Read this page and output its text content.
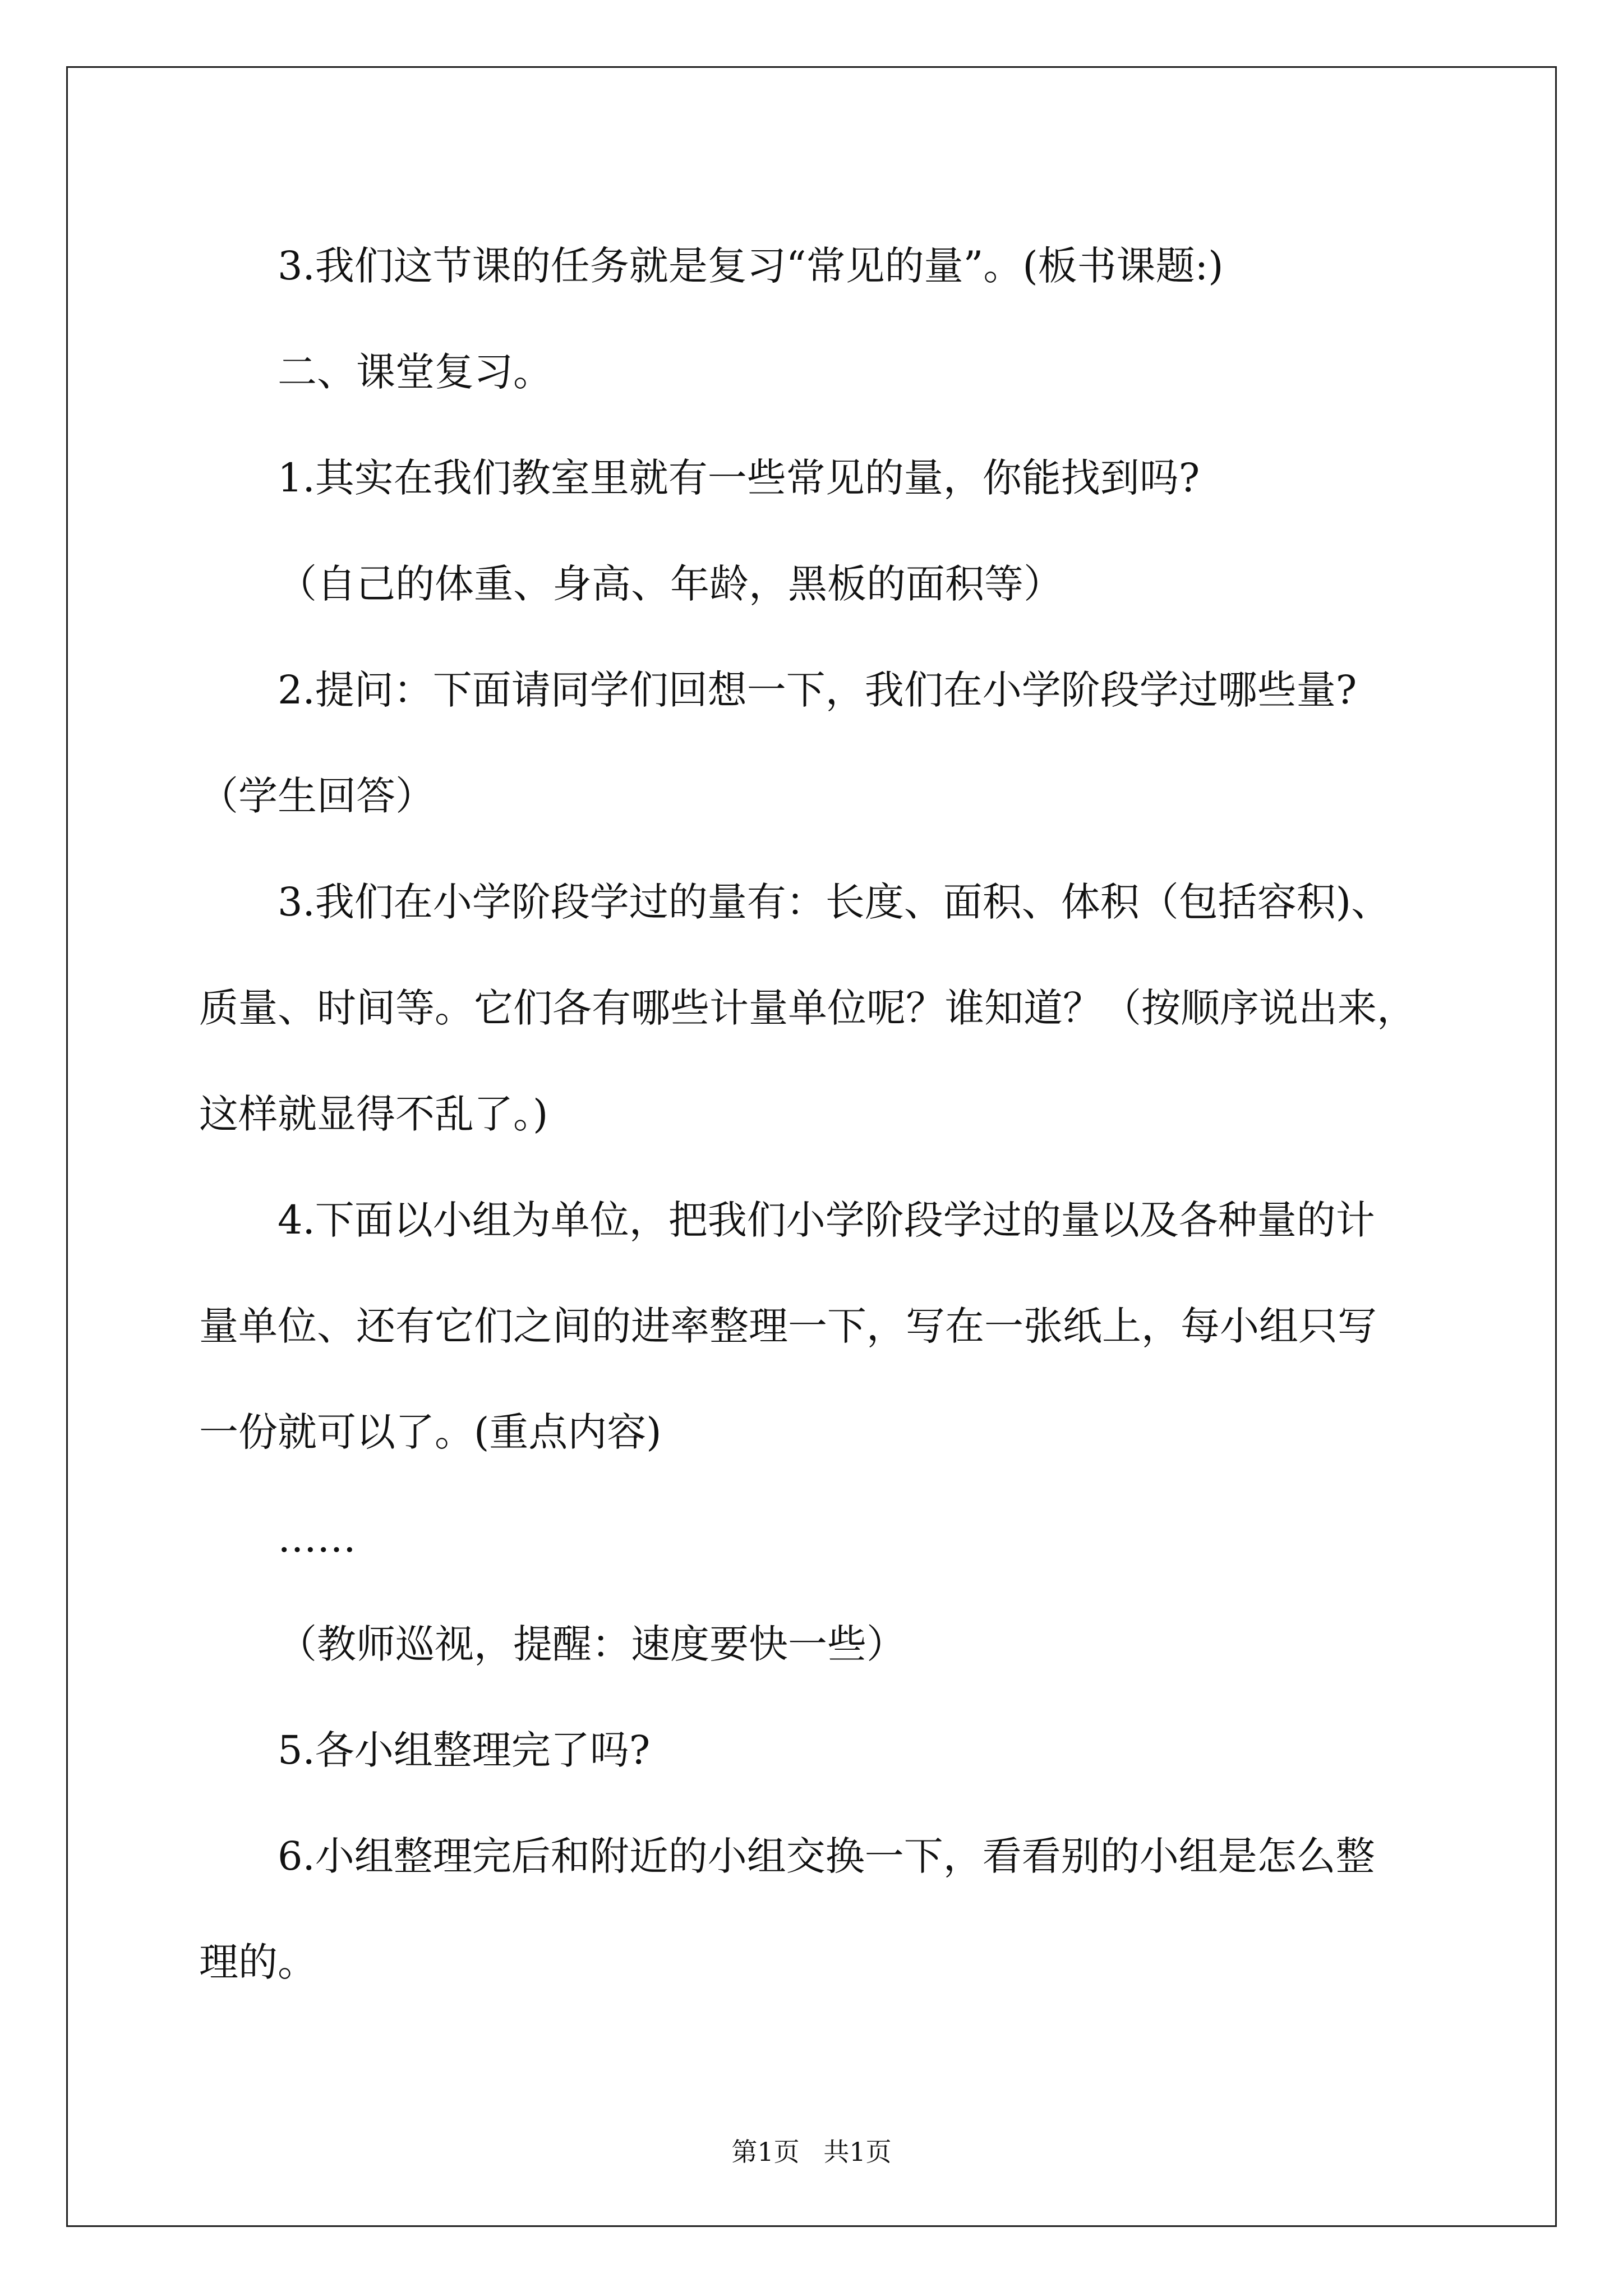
3.我们这节课的任务就是复习“常见的量”。(板书课题:)

二、课堂复习。

1.其实在我们教室里就有一些常见的量，你能找到吗?

（自己的体重、身高、年龄，黑板的面积等）

2.提问：下面请同学们回想一下，我们在小学阶段学过哪些量?
（学生回答）

3.我们在小学阶段学过的量有：长度、面积、体积（包括容积)、
质量、时间等。它们各有哪些计量单位呢？谁知道？（按顺序说出来，
这样就显得不乱了。)

4.下面以小组为单位，把我们小学阶段学过的量以及各种量的计
量单位、还有它们之间的进率整理一下，写在一张纸上，每小组只写
一份就可以了。(重点内容)

……

（教师巡视，提醒：速度要快一些）

5.各小组整理完了吗?

6.小组整理完后和附近的小组交换一下，看看别的小组是怎么整
理的。

第1页 共1页
